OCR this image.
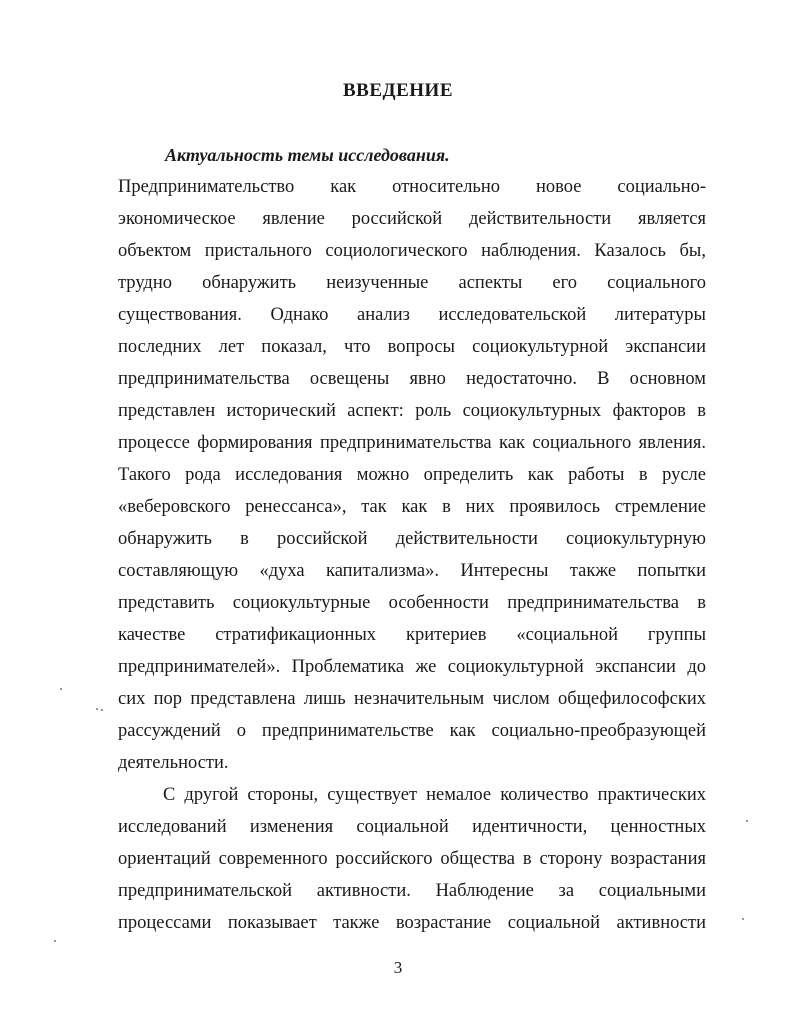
ВВЕДЕНИЕ
Актуальность темы исследования.
Предпринимательство как относительно новое социально-
экономическое явление российской действительности является
объектом пристального социологического наблюдения. Казалось бы,
трудно обнаружить неизученные аспекты его социального
существования. Однако анализ исследовательской литературы
последних лет показал, что вопросы социокультурной экспансии
предпринимательства освещены явно недостаточно. В основном
представлен исторический аспект: роль социокультурных факторов в
процессе формирования предпринимательства как социального явления.
Такого рода исследования можно определить как работы в русле
«веберовского ренессанса», так как в них проявилось стремление
обнаружить в российской действительности социокультурную
составляющую «духа капитализма». Интересны также попытки
представить социокультурные особенности предпринимательства в
качестве стратификационных критериев «социальной группы
предпринимателей». Проблематика же социокультурной экспансии до
сих пор представлена лишь незначительным числом общефилософских
рассуждений о предпринимательстве как социально-преобразующей
деятельности.
С другой стороны, существует немалое количество практических
исследований изменения социальной идентичности, ценностных
ориентаций современного российского общества в сторону возрастания
предпринимательской активности. Наблюдение за социальными
процессами показывает также возрастание социальной активности
3
